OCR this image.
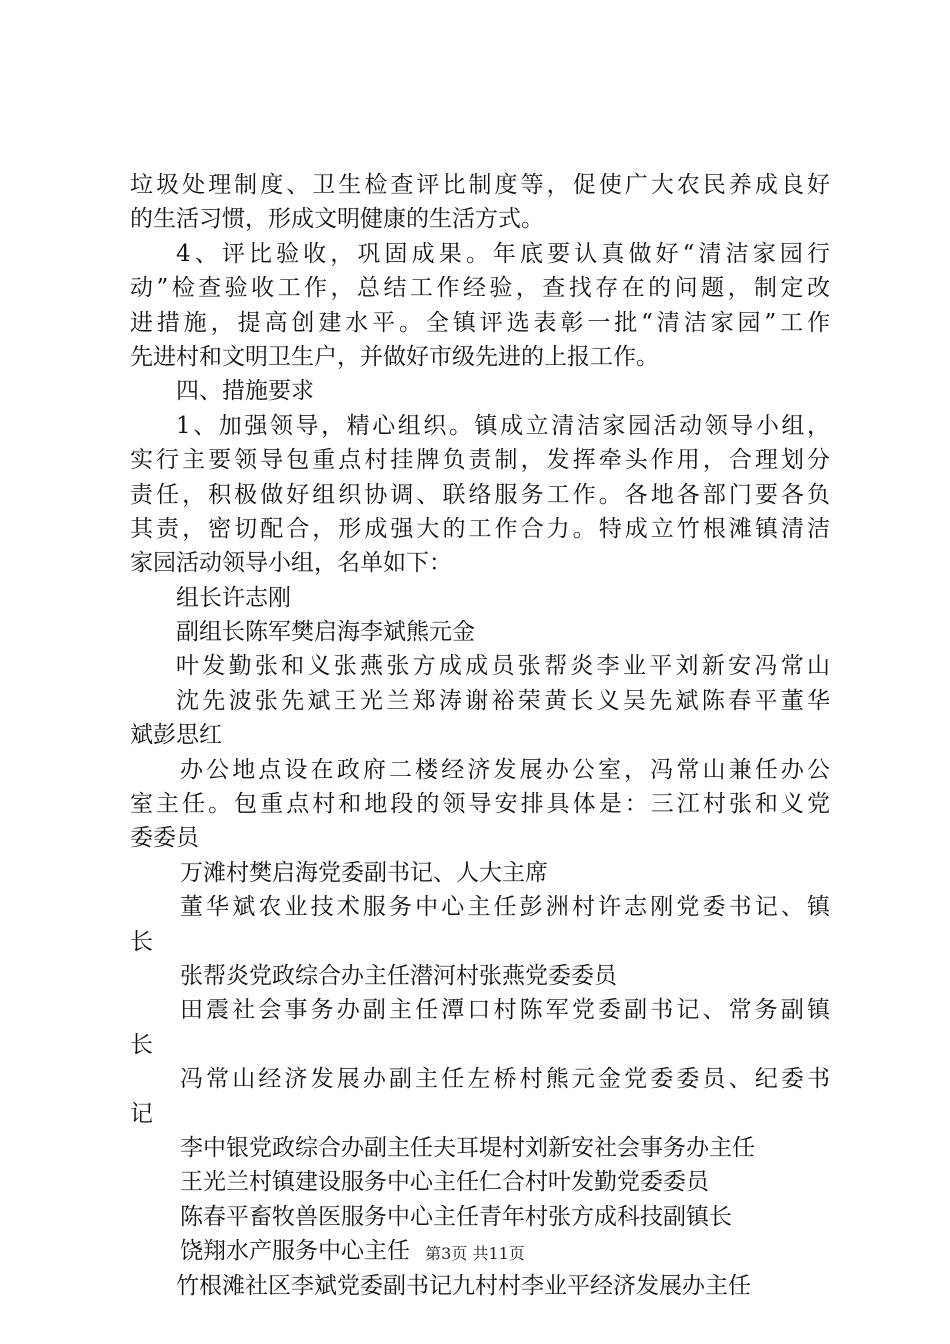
垃圾处理制度、卫生检查评比制度等，促使广大农民养成良好
的生活习惯，形成文明健康的生活方式。
4、评比验收，巩固成果。年底要认真做好“清洁家园行
动”检查验收工作，总结工作经验，查找存在的问题，制定改
进措施，提高创建水平。全镇评选表彰一批“清洁家园”工作
先进村和文明卫生户，并做好市级先进的上报工作。
四、措施要求
1、加强领导，精心组织。镇成立清洁家园活动领导小组，
实行主要领导包重点村挂牌负责制，发挥牵头作用，合理划分
责任，积极做好组织协调、联络服务工作。各地各部门要各负
其责，密切配合，形成强大的工作合力。特成立竹根滩镇清洁
家园活动领导小组，名单如下：
组长许志刚
副组长陈军樊启海李斌熊元金
叶发勤张和义张燕张方成成员张帮炎李业平刘新安冯常山
沈先波张先斌王光兰郑涛谢裕荣黄长义吴先斌陈春平董华
斌彭思红
办公地点设在政府二楼经济发展办公室，冯常山兼任办公
室主任。包重点村和地段的领导安排具体是：三江村张和义党
委委员
万滩村樊启海党委副书记、人大主席
董华斌农业技术服务中心主任彭洲村许志刚党委书记、镇
长
张帮炎党政综合办主任潜河村张燕党委委员
田震社会事务办副主任潭口村陈军党委副书记、常务副镇
长
冯常山经济发展办副主任左桥村熊元金党委委员、纪委书
记
李中银党政综合办副主任夫耳堤村刘新安社会事务办主任
王光兰村镇建设服务中心主任仁合村叶发勤党委委员
陈春平畜牧兽医服务中心主任青年村张方成科技副镇长
饶翔水产服务中心主任
竹根滩社区李斌党委副书记九村村李业平经济发展办主任
第3页 共11页
